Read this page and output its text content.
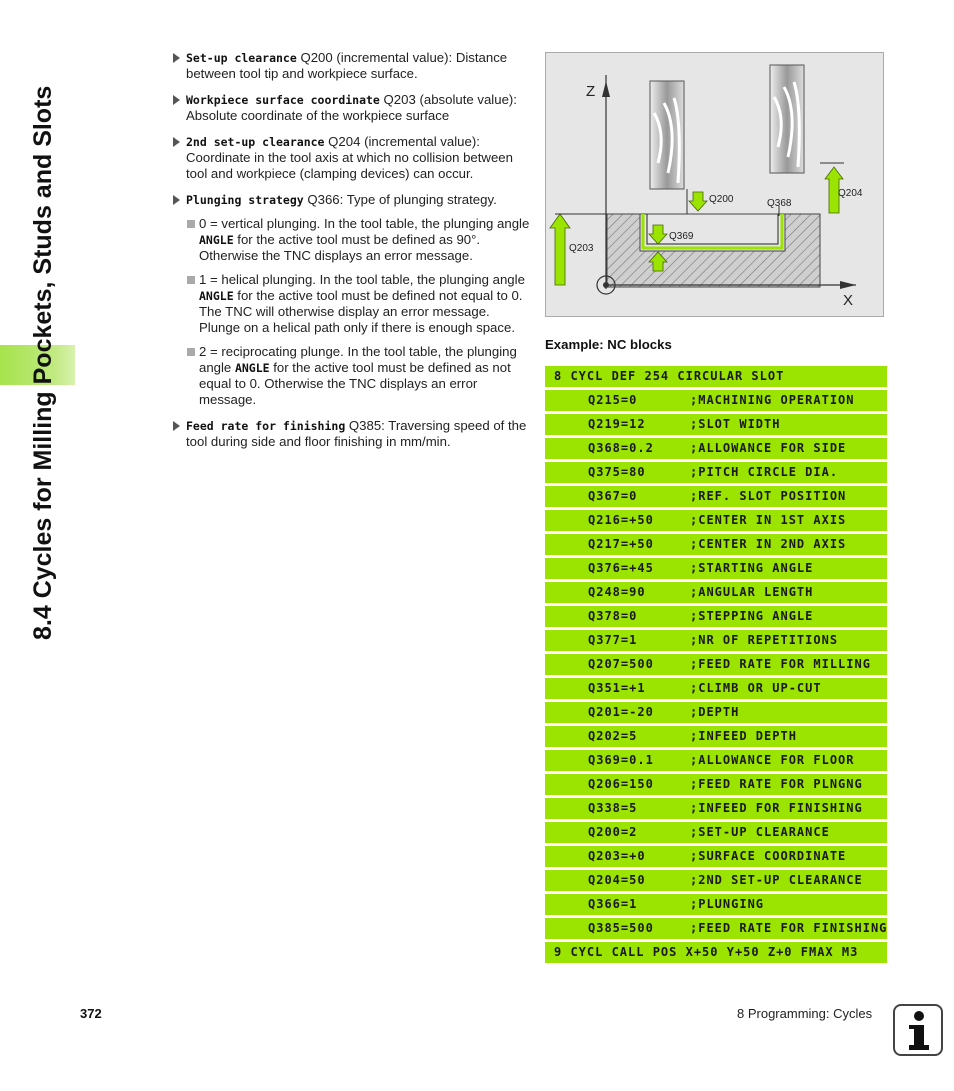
8.4 Cycles for Milling Pockets, Studs and Slots
Set-up clearance Q200 (incremental value): Distance between tool tip and workpiece surface.
Workpiece surface coordinate Q203 (absolute value): Absolute coordinate of the workpiece surface
2nd set-up clearance Q204 (incremental value): Coordinate in the tool axis at which no collision between tool and workpiece (clamping devices) can occur.
Plunging strategy Q366: Type of plunging strategy.
0 = vertical plunging. In the tool table, the plunging angle ANGLE for the active tool must be defined as 90°. Otherwise the TNC displays an error message.
1 = helical plunging. In the tool table, the plunging angle ANGLE for the active tool must be defined not equal to 0. The TNC will otherwise display an error message. Plunge on a helical path only if there is enough space.
2 = reciprocating plunge. In the tool table, the plunging angle ANGLE for the active tool must be defined as not equal to 0. Otherwise the TNC displays an error message.
Feed rate for finishing Q385: Traversing speed of the tool during side and floor finishing in mm/min.
Z
X
Q200	Q368
Q204
Q369
Q203
Example: NC blocks
8 CYCL DEF 254 CIRCULAR SLOT
Q215=0	;MACHINING OPERATION
Q219=12	;SLOT WIDTH
Q368=0.2	;ALLOWANCE FOR SIDE
Q375=80	;PITCH CIRCLE DIA.
Q367=0	;REF. SLOT POSITION
Q216=+50	;CENTER IN 1ST AXIS
Q217=+50	;CENTER IN 2ND AXIS
Q376=+45	;STARTING ANGLE
Q248=90	;ANGULAR LENGTH
Q378=0	;STEPPING ANGLE
Q377=1	;NR OF REPETITIONS
Q207=500	;FEED RATE FOR MILLING
Q351=+1	;CLIMB OR UP-CUT
Q201=-20	;DEPTH
Q202=5	;INFEED DEPTH
Q369=0.1	;ALLOWANCE FOR FLOOR
Q206=150	;FEED RATE FOR PLNGNG
Q338=5	;INFEED FOR FINISHING
Q200=2	;SET-UP CLEARANCE
Q203=+0	;SURFACE COORDINATE
Q204=50	;2ND SET-UP CLEARANCE
Q366=1	;PLUNGING
Q385=500	;FEED RATE FOR FINISHING
9 CYCL CALL POS X+50 Y+50 Z+0 FMAX M3
372	8 Programming: Cycles
